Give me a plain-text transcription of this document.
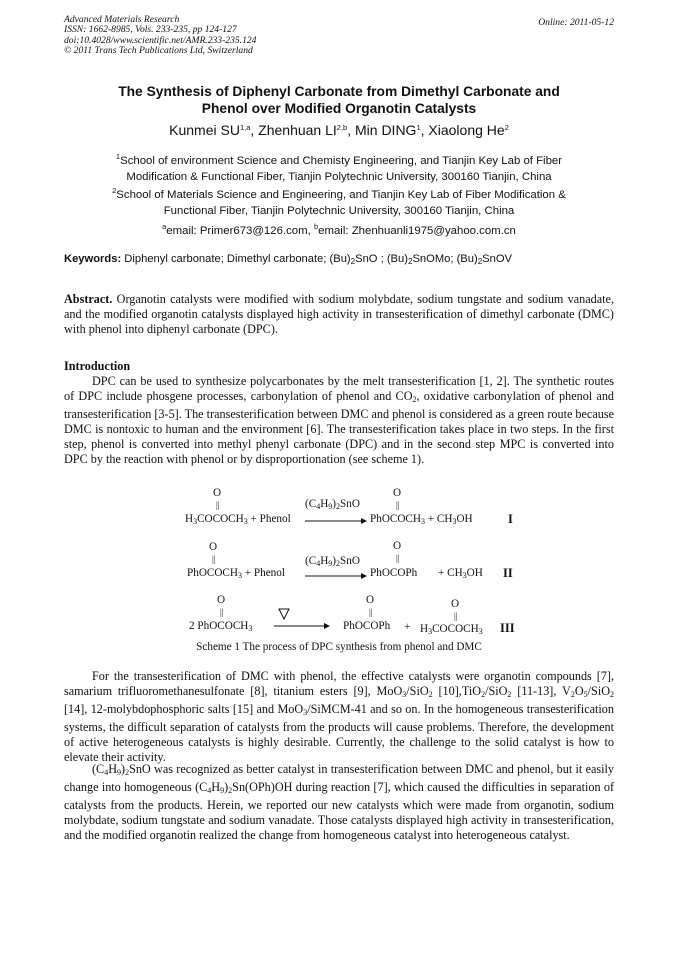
Advanced Materials Research
ISSN: 1662-8985, Vols. 233-235, pp 124-127
doi:10.4028/www.scientific.net/AMR.233-235.124
© 2011 Trans Tech Publications Ltd, Switzerland
Online: 2011-05-12
The Synthesis of Diphenyl Carbonate from Dimethyl Carbonate and
Phenol over Modified Organotin Catalysts
Kunmei SU$^{1,a}$, Zhenhuan LI$^{2,b}$, Min DING$^1$, Xiaolong He$^2$
$^1$School of environment Science and Chemisty Engineering, and Tianjin Key Lab of Fiber
Modification & Functional Fiber, Tianjin Polytechnic University, 300160 Tianjin, China
$^2$School of Materials Science and Engineering, and Tianjin Key Lab of Fiber Modification &
Functional Fiber, Tianjin Polytechnic University, 300160 Tianjin, China
$^a$email: Primer673@126.com, $^b$email: Zhenhuanli1975@yahoo.com.cn
Keywords: Diphenyl carbonate; Dimethyl carbonate; $(Bu)_2SnO$ ; $(Bu)_2SnOMo$; $(Bu)_2SnOV$
Abstract. Organotin catalysts were modified with sodium molybdate, sodium tungstate and sodium vanadate, and the modified organotin catalysts displayed high activity in transesterification of dimethyl carbonate (DMC) with phenol into diphenyl carbonate (DPC).
Introduction
DPC can be used to synthesize polycarbonates by the melt transesterification [1, 2]. The synthetic routes of DPC include phosgene processes, carbonylation of phenol and $CO_2$, oxidative carbonylation of phenol and transesterification [3-5]. The transesterification between DMC and phenol is considered as a green route because DMC is nontoxic to human and the environment [6]. The transesterification takes place in two steps. In the first step, phenol is converted into methyl phenyl carbonate (DPC) and in the second step MPC is converted into DPC by the reaction with phenol or by disproportionation (see scheme 1).
O
||
$H_3COCOCH_3$ + Phenol
$(C_4H_9)_2SnO$
O
||
PhOCOCH$_3$ + $CH_3OH$	I
O
||
PhOCOCH$_3$ + Phenol
$(C_4H_9)_2SnO$
O
||
PhOCOPh + $CH_3OH$ II
O
||
2 PhOCOCH$_3$
O
||
PhOCOPh +
O
||
$H_3COCOCH_3$ III
Scheme 1 The process of DPC synthesis from phenol and DMC
For the transesterification of DMC with phenol, the effective catalysts were organotin compounds [7], samarium trifluoromethanesulfonate [8], titanium esters [9], MoO$_3$/SiO$_2$ [10],TiO$_2$/SiO$_2$ [11-13], $V_2O_5/SiO_2$ [14], 12-molybdophosphoric salts [15] and MoO$_3$/SiMCM-41 and so on. In the homogeneous transesterification systems, the difficult separation of catalysts from the products will cause problems. Therefore, the development of active heterogeneous catalysts is highly desirable. Currently, the challenge to the solid catalyst is how to elevate their activity.
$(C_4H_9)_2SnO$ was recognized as better catalyst in transesterification between DMC and phenol, but it easily change into homogeneous $(C_4H_9)_2Sn(OPh)OH$ during reaction [7], which caused the difficulties in separation of catalysts from the products. Herein, we reported our new catalysts which were made from organotin, sodium molybdate, sodium tungstate and sodium vanadate. Those catalysts displayed high activity in transesterification, and the modified organotin realized the change from homogeneous catalyst into heterogeneous catalyst.
